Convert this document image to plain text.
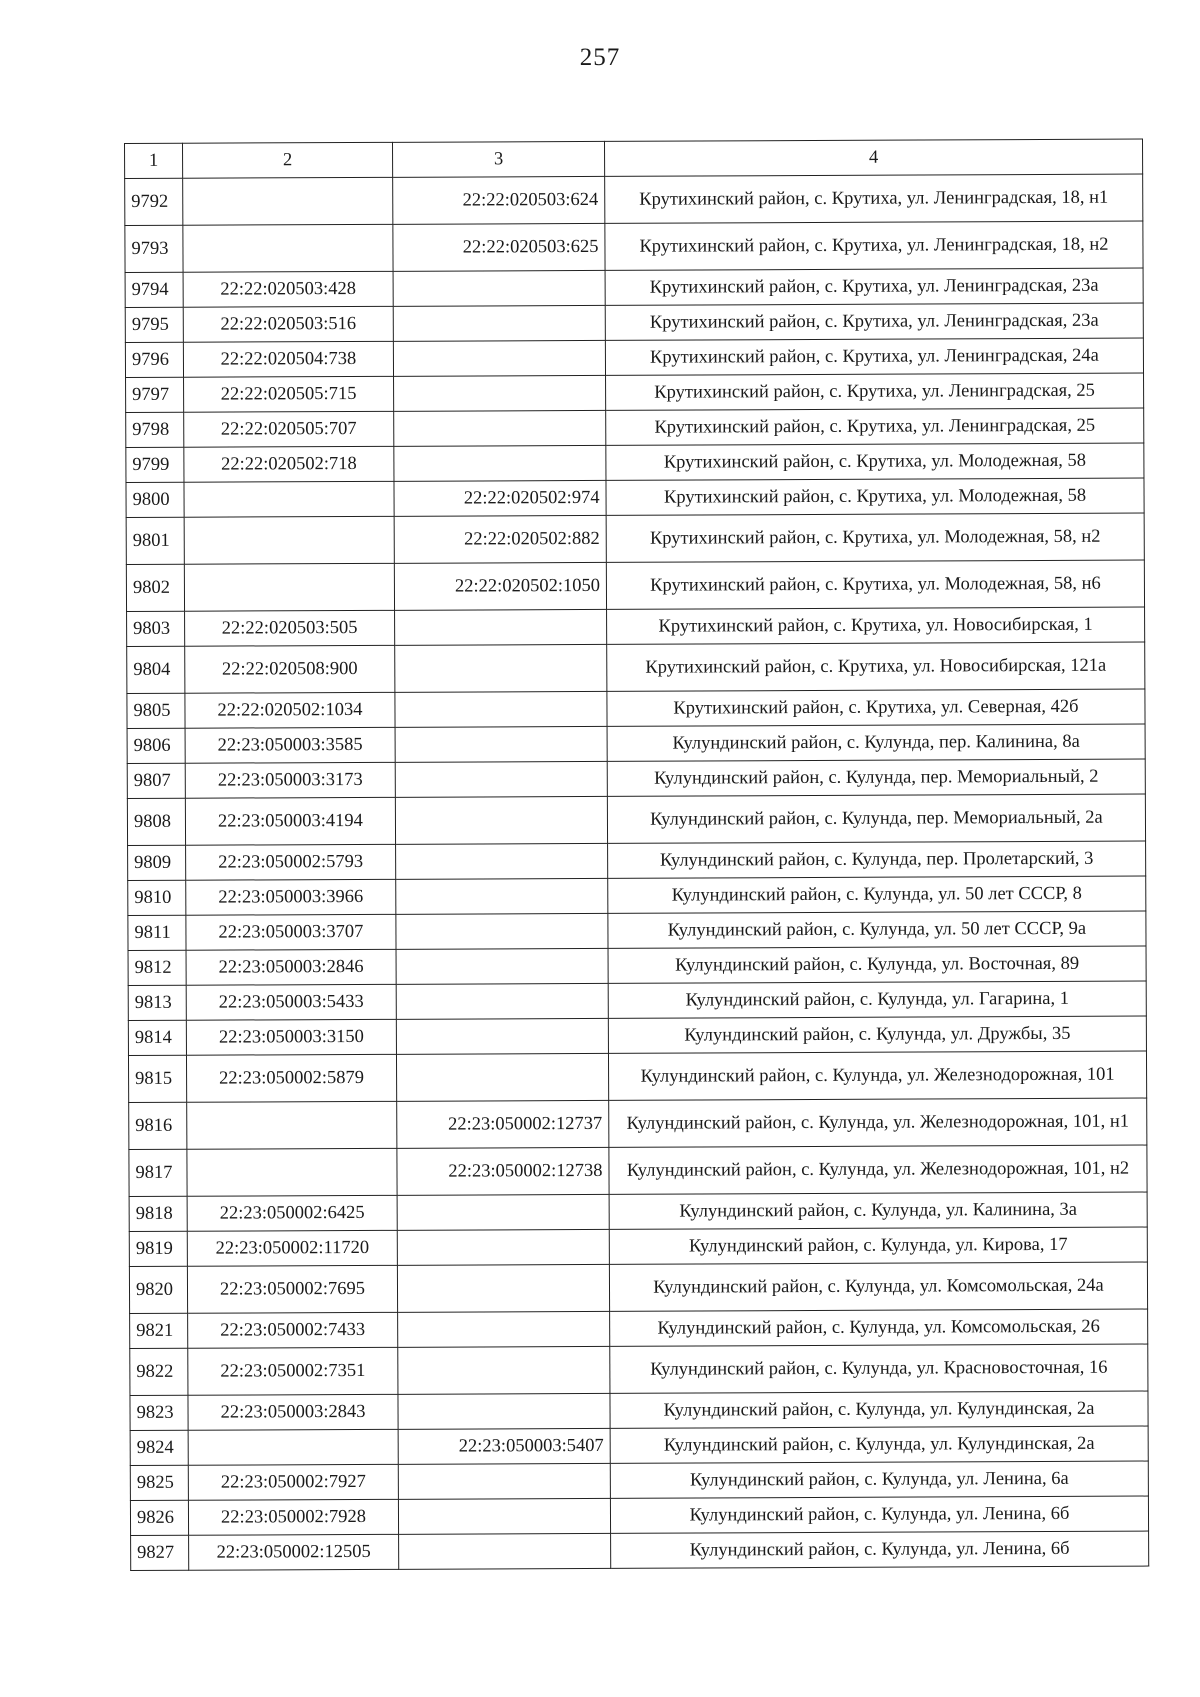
257
1	2	3	4
9792		22:22:020503:624	Крутихинский район, с. Крутиха, ул. Ленинградская, 18, н1
9793		22:22:020503:625	Крутихинский район, с. Крутиха, ул. Ленинградская, 18, н2
9794	22:22:020503:428		Крутихинский район, с. Крутиха, ул. Ленинградская, 23а
9795	22:22:020503:516		Крутихинский район, с. Крутиха, ул. Ленинградская, 23а
9796	22:22:020504:738		Крутихинский район, с. Крутиха, ул. Ленинградская, 24а
9797	22:22:020505:715		Крутихинский район, с. Крутиха, ул. Ленинградская, 25
9798	22:22:020505:707		Крутихинский район, с. Крутиха, ул. Ленинградская, 25
9799	22:22:020502:718		Крутихинский район, с. Крутиха, ул. Молодежная, 58
9800		22:22:020502:974	Крутихинский район, с. Крутиха, ул. Молодежная, 58
9801		22:22:020502:882	Крутихинский район, с. Крутиха, ул. Молодежная, 58, н2
9802		22:22:020502:1050	Крутихинский район, с. Крутиха, ул. Молодежная, 58, н6
9803	22:22:020503:505		Крутихинский район, с. Крутиха, ул. Новосибирская, 1
9804	22:22:020508:900		Крутихинский район, с. Крутиха, ул. Новосибирская, 121а
9805	22:22:020502:1034		Крутихинский район, с. Крутиха, ул. Северная, 42б
9806	22:23:050003:3585		Кулундинский район, с. Кулунда, пер. Калинина, 8а
9807	22:23:050003:3173		Кулундинский район, с. Кулунда, пер. Мемориальный, 2
9808	22:23:050003:4194		Кулундинский район, с. Кулунда, пер. Мемориальный, 2а
9809	22:23:050002:5793		Кулундинский район, с. Кулунда, пер. Пролетарский, 3
9810	22:23:050003:3966		Кулундинский район, с. Кулунда, ул. 50 лет СССР, 8
9811	22:23:050003:3707		Кулундинский район, с. Кулунда, ул. 50 лет СССР, 9а
9812	22:23:050003:2846		Кулундинский район, с. Кулунда, ул. Восточная, 89
9813	22:23:050003:5433		Кулундинский район, с. Кулунда, ул. Гагарина, 1
9814	22:23:050003:3150		Кулундинский район, с. Кулунда, ул. Дружбы, 35
9815	22:23:050002:5879		Кулундинский район, с. Кулунда, ул. Железнодорожная, 101
9816		22:23:050002:12737	Кулундинский район, с. Кулунда, ул. Железнодорожная, 101, н1
9817		22:23:050002:12738	Кулундинский район, с. Кулунда, ул. Железнодорожная, 101, н2
9818	22:23:050002:6425		Кулундинский район, с. Кулунда, ул. Калинина, 3а
9819	22:23:050002:11720		Кулундинский район, с. Кулунда, ул. Кирова, 17
9820	22:23:050002:7695		Кулундинский район, с. Кулунда, ул. Комсомольская, 24а
9821	22:23:050002:7433		Кулундинский район, с. Кулунда, ул. Комсомольская, 26
9822	22:23:050002:7351		Кулундинский район, с. Кулунда, ул. Красновосточная, 16
9823	22:23:050003:2843		Кулундинский район, с. Кулунда, ул. Кулундинская, 2а
9824		22:23:050003:5407	Кулундинский район, с. Кулунда, ул. Кулундинская, 2а
9825	22:23:050002:7927		Кулундинский район, с. Кулунда, ул. Ленина, 6а
9826	22:23:050002:7928		Кулундинский район, с. Кулунда, ул. Ленина, 6б
9827	22:23:050002:12505		Кулундинский район, с. Кулунда, ул. Ленина, 6б
